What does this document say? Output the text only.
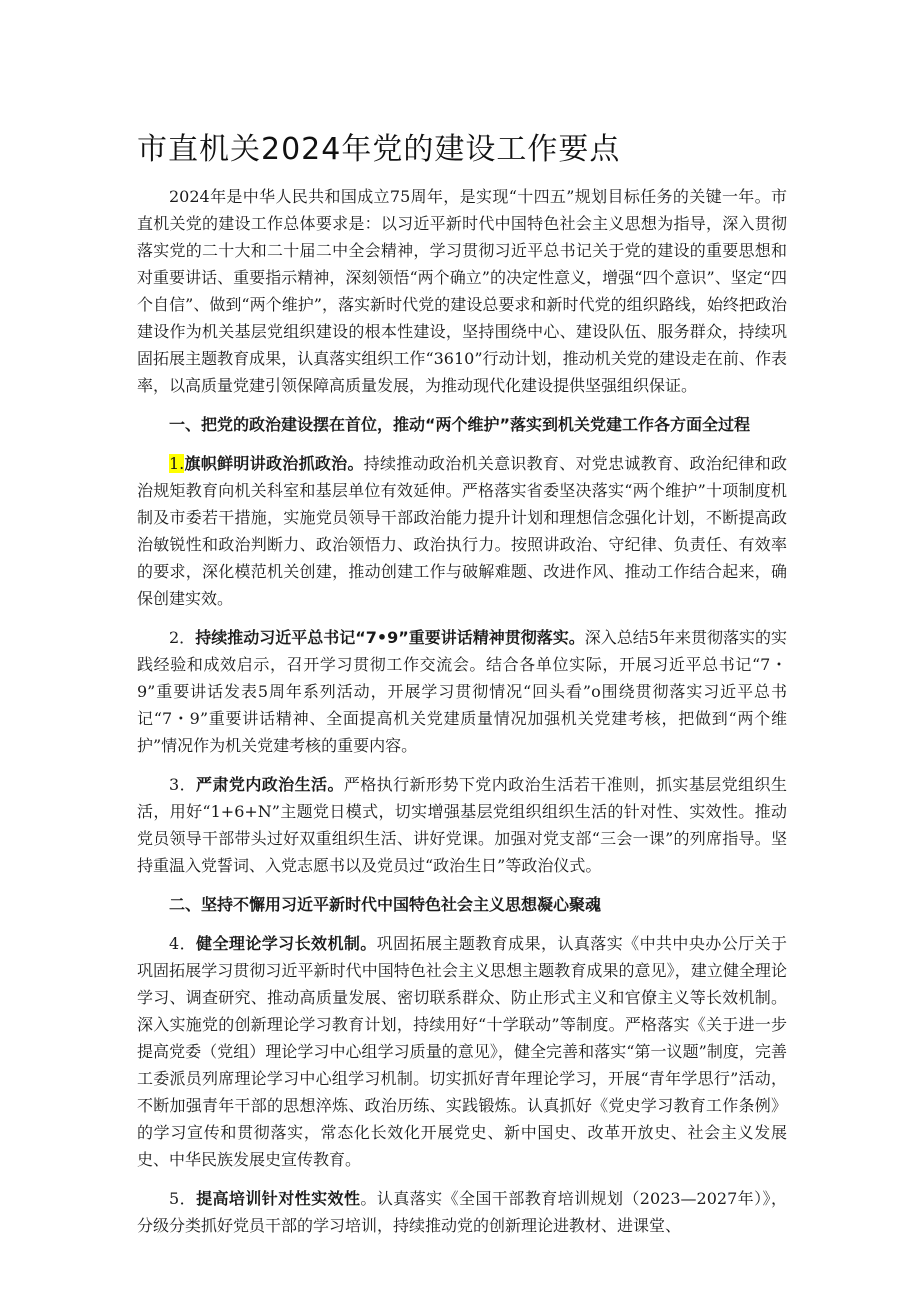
市直机关2024年党的建设工作要点

2024年是中华人民共和国成立75周年，是实现“十四五”规划目标任务的关键一年。市直机关党的建设工作总体要求是：以习近平新时代中国特色社会主义思想为指导，深入贯彻落实党的二十大和二十届二中全会精神，学习贯彻习近平总书记关于党的建设的重要思想和对重要讲话、重要指示精神，深刻领悟“两个确立”的决定性意义，增强“四个意识”、坚定“四个自信”、做到“两个维护”，落实新时代党的建设总要求和新时代党的组织路线，始终把政治建设作为机关基层党组织建设的根本性建设，坚持围绕中心、建设队伍、服务群众，持续巩固拓展主题教育成果，认真落实组织工作“3610”行动计划，推动机关党的建设走在前、作表率，以高质量党建引领保障高质量发展，为推动现代化建设提供坚强组织保证。

一、把党的政治建设摆在首位，推动“两个维护”落实到机关党建工作各方面全过程

1.旗帜鲜明讲政治抓政治。持续推动政治机关意识教育、对党忠诚教育、政治纪律和政治规矩教育向机关科室和基层单位有效延伸。严格落实省委坚决落实“两个维护”十项制度机制及市委若干措施，实施党员领导干部政治能力提升计划和理想信念强化计划，不断提高政治敏锐性和政治判断力、政治领悟力、政治执行力。按照讲政治、守纪律、负责任、有效率的要求，深化模范机关创建，推动创建工作与破解难题、改进作风、推动工作结合起来，确保创建实效。

2．持续推动习近平总书记“7•9”重要讲话精神贯彻落实。深入总结5年来贯彻落实的实践经验和成效启示，召开学习贯彻工作交流会。结合各单位实际，开展习近平总书记“7・9”重要讲话发表5周年系列活动，开展学习贯彻情况“回头看”o围绕贯彻落实习近平总书记“7・9”重要讲话精神、全面提高机关党建质量情况加强机关党建考核，把做到“两个维护”情况作为机关党建考核的重要内容。

3．严肃党内政治生活。严格执行新形势下党内政治生活若干准则，抓实基层党组织生活，用好“1+6+N”主题党日模式，切实增强基层党组织组织生活的针对性、实效性。推动党员领导干部带头过好双重组织生活、讲好党课。加强对党支部“三会一课”的列席指导。坚持重温入党誓词、入党志愿书以及党员过“政治生日”等政治仪式。

二、坚持不懈用习近平新时代中国特色社会主义思想凝心聚魂

4．健全理论学习长效机制。巩固拓展主题教育成果，认真落实《中共中央办公厅关于巩固拓展学习贯彻习近平新时代中国特色社会主义思想主题教育成果的意见》，建立健全理论学习、调查研究、推动高质量发展、密切联系群众、防止形式主义和官僚主义等长效机制。深入实施党的创新理论学习教育计划，持续用好“十学联动”等制度。严格落实《关于进一步提高党委（党组）理论学习中心组学习质量的意见》，健全完善和落实“第一议题”制度，完善工委派员列席理论学习中心组学习机制。切实抓好青年理论学习，开展“青年学思行”活动，不断加强青年干部的思想淬炼、政治历练、实践锻炼。认真抓好《党史学习教育工作条例》的学习宣传和贯彻落实，常态化长效化开展党史、新中国史、改革开放史、社会主义发展史、中华民族发展史宣传教育。

5．提高培训针对性实效性。认真落实《全国干部教育培训规划（2023—2027年）》，分级分类抓好党员干部的学习培训，持续推动党的创新理论进教材、进课堂、
